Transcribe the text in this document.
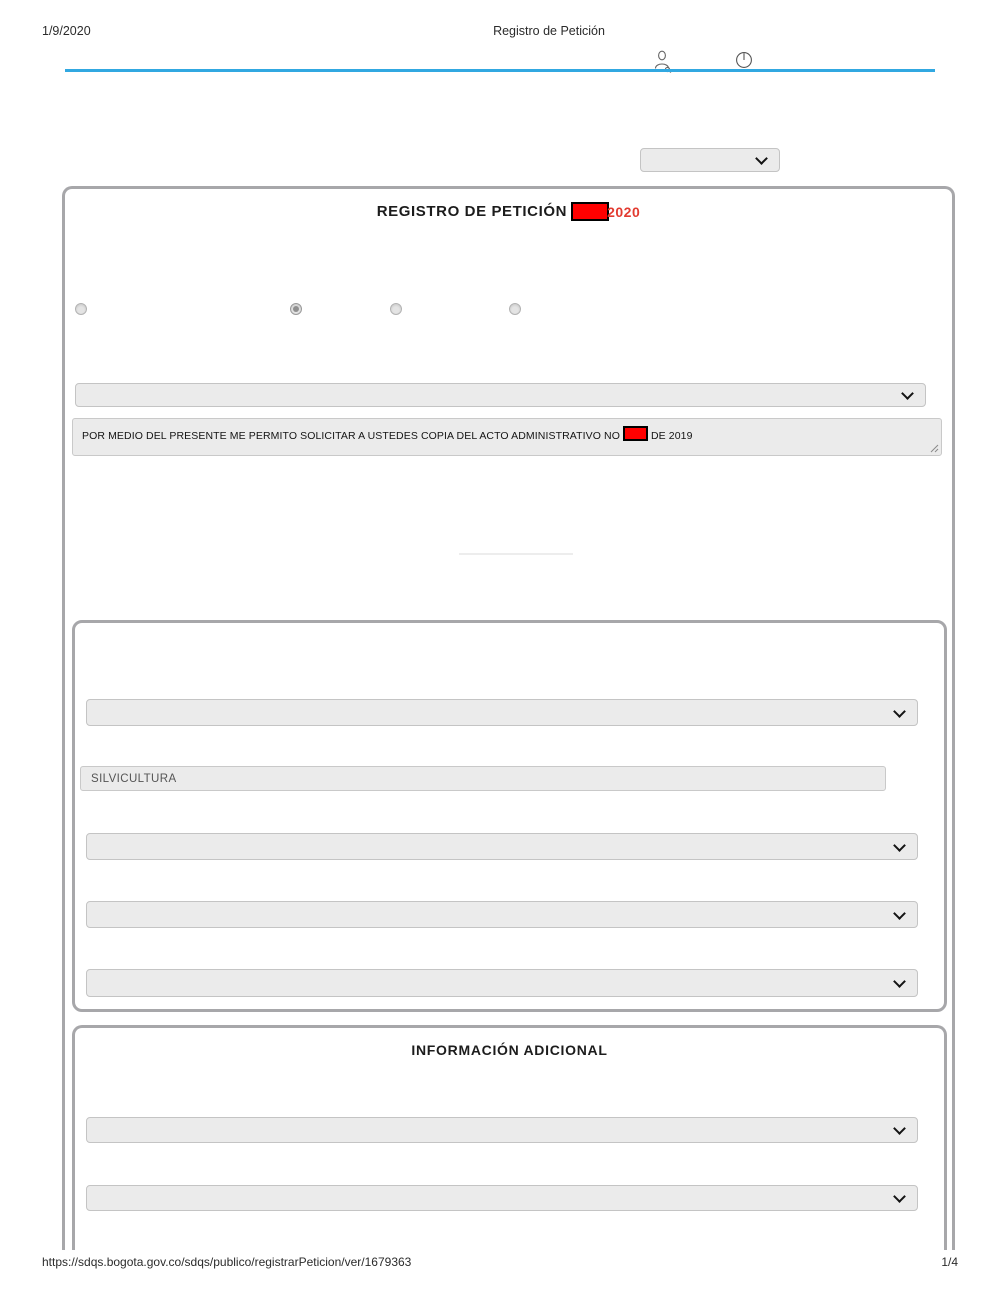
1/9/2020	Registro de Petición
REGISTRO DE PETICIÓN	2020
POR MEDIO DEL PRESENTE ME PERMITO SOLICITAR A USTEDES COPIA DEL ACTO ADMINISTRATIVO NO	DE 2019
SILVICULTURA
INFORMACIÓN ADICIONAL
https://sdqs.bogota.gov.co/sdqs/publico/registrarPeticion/ver/1679363	1/4
